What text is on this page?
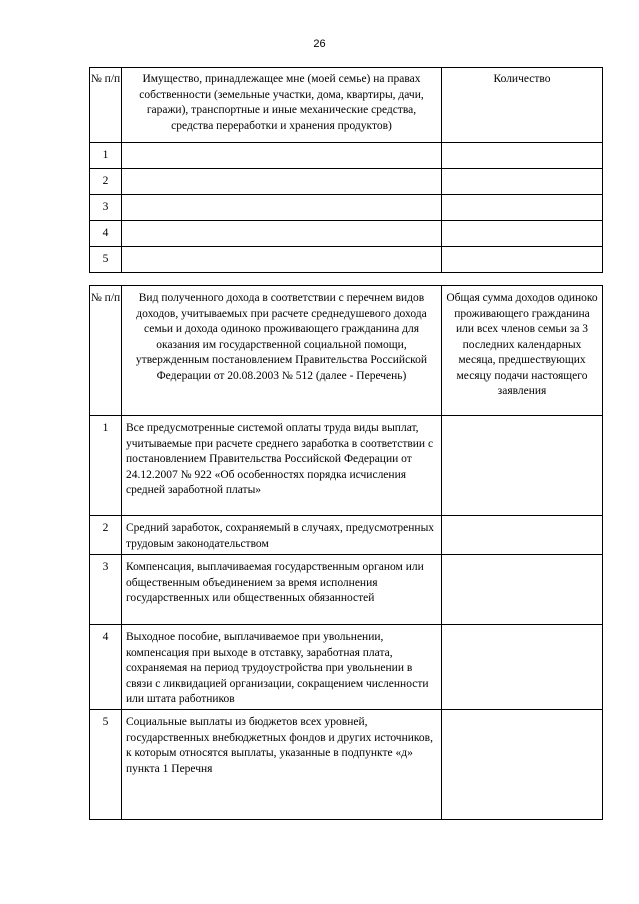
26
№ п/п	Имущество, принадлежащее мне (моей семье) на правах собственности (земельные участки, дома, квартиры, дачи, гаражи), транспортные и иные механические средства, средства переработки и хранения продуктов)	Количество
1		
2		
3		
4		
5		
№ п/п	Вид полученного дохода в соответствии с перечнем видов доходов, учитываемых при расчете среднедушевого дохода семьи и дохода одиноко проживающего гражданина для оказания им государственной социальной помощи, утвержденным постановлением Правительства Российской Федерации от 20.08.2003 № 512 (далее - Перечень)	Общая сумма доходов одиноко проживающего гражданина или всех членов семьи за 3 последних календарных месяца, предшествующих месяцу подачи настоящего заявления
1	Все предусмотренные системой оплаты труда виды выплат, учитываемые при расчете среднего заработка в соответствии с постановлением Правительства Российской Федерации от 24.12.2007 № 922 «Об особенностях порядка исчисления средней заработной платы»	
2	Средний заработок, сохраняемый в случаях, предусмотренных трудовым законодательством	
3	Компенсация, выплачиваемая государственным органом или общественным объединением за время исполнения государственных или общественных обязанностей	
4	Выходное пособие, выплачиваемое при увольнении, компенсация при выходе в отставку, заработная плата, сохраняемая на период трудоустройства при увольнении в связи с ликвидацией организации, сокращением численности или штата работников	
5	Социальные выплаты из бюджетов всех уровней, государственных внебюджетных фондов и других источников, к которым относятся выплаты, указанные в подпункте «д» пункта 1 Перечня	
